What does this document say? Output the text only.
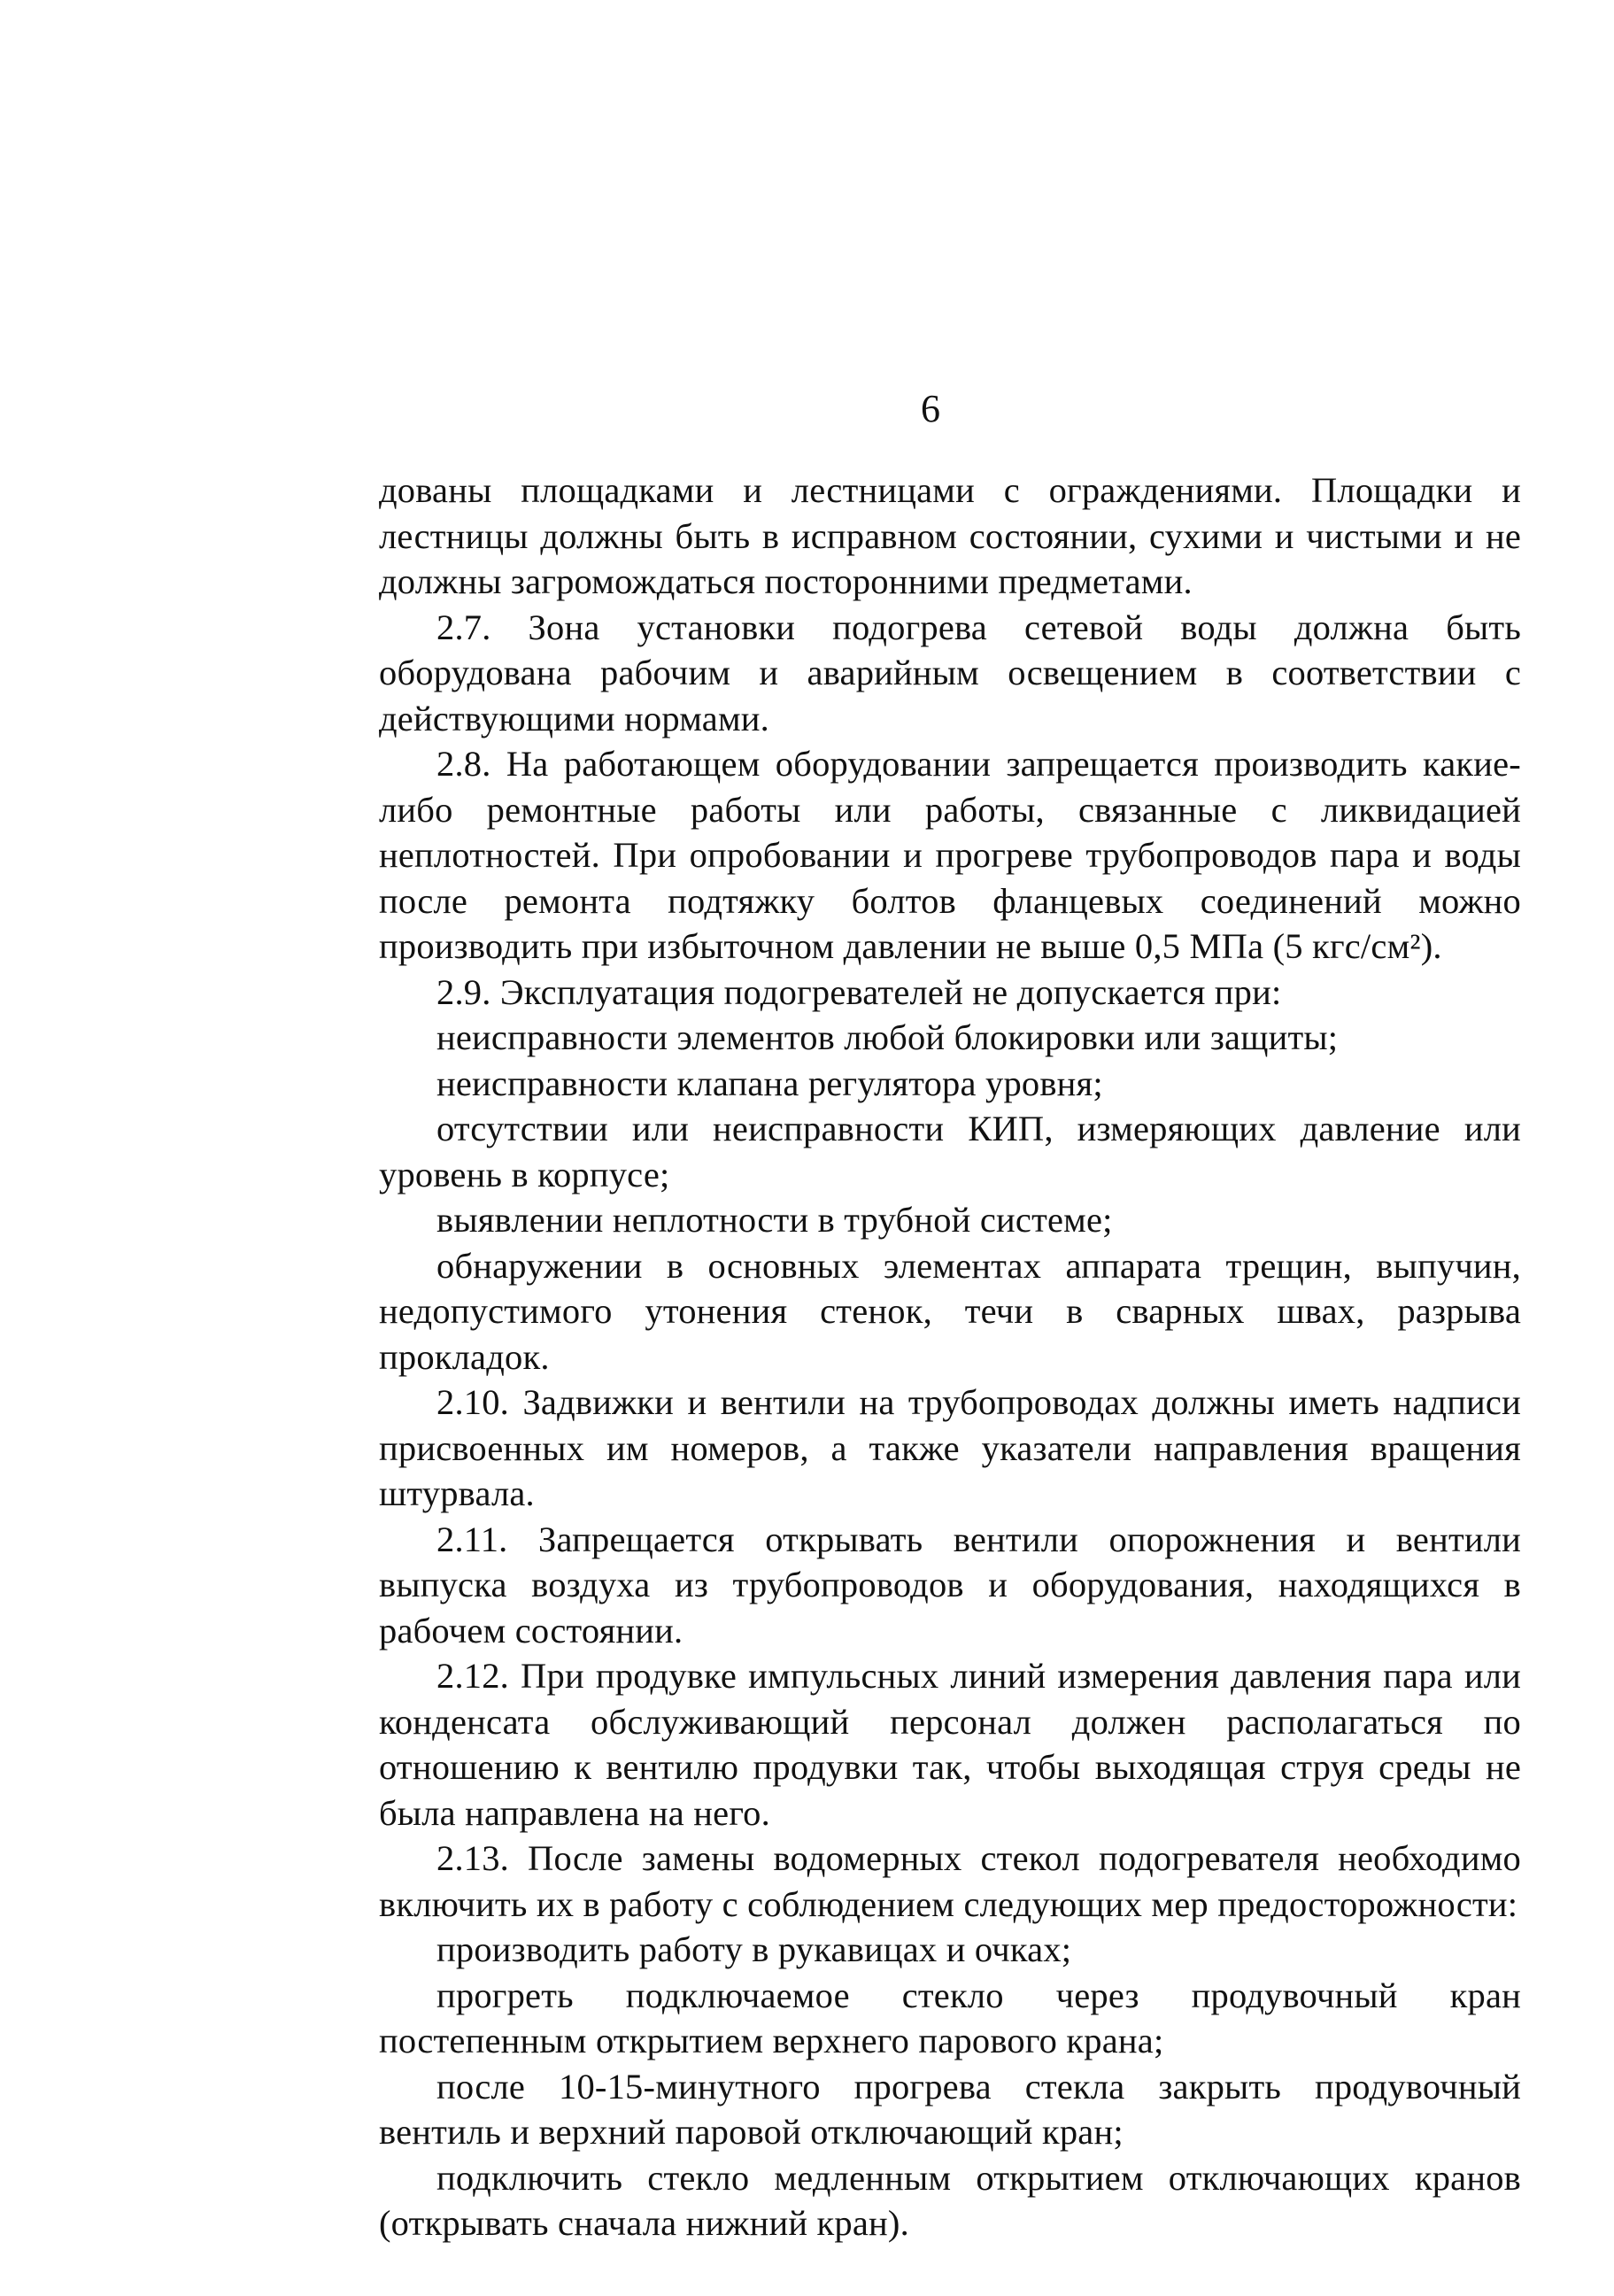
6

дованы площадками и лестницами с ограждениями. Площадки и лестницы должны быть в исправном состоянии, сухими и чистыми и не должны загромождаться посторонними предметами.

2.7. Зона установки подогрева сетевой воды должна быть оборудована рабочим и аварийным освещением в соответствии с действующими нормами.

2.8. На работающем оборудовании запрещается производить какие-либо ремонтные работы или работы, связанные с ликвидацией неплотностей. При опробовании и прогреве трубопроводов пара и воды после ремонта подтяжку болтов фланцевых соединений можно производить при избыточном давлении не выше 0,5 МПа (5 кгс/см²).

2.9. Эксплуатация подогревателей не допускается при:

неисправности элементов любой блокировки или защиты;

неисправности клапана регулятора уровня;

отсутствии или неисправности КИП, измеряющих давление или уровень в корпусе;

выявлении неплотности в трубной системе;

обнаружении в основных элементах аппарата трещин, выпучин, недопустимого утонения стенок, течи в сварных швах, разрыва прокладок.

2.10. Задвижки и вентили на трубопроводах должны иметь надписи присвоенных им номеров, а также указатели направления вращения штурвала.

2.11. Запрещается открывать вентили опорожнения и вентили выпуска воздуха из трубопроводов и оборудования, находящихся в рабочем состоянии.

2.12. При продувке импульсных линий измерения давления пара или конденсата обслуживающий персонал должен располагаться по отношению к вентилю продувки так, чтобы выходящая струя среды не была направлена на него.

2.13. После замены водомерных стекол подогревателя необходимо включить их в работу с соблюдением следующих мер предосторожности:

производить работу в рукавицах и очках;

прогреть подключаемое стекло через продувочный кран постепенным открытием верхнего парового крана;

после 10-15-минутного прогрева стекла закрыть продувочный вентиль и верхний паровой отключающий кран;

подключить стекло медленным открытием отключающих кранов (открывать сначала нижний кран).
